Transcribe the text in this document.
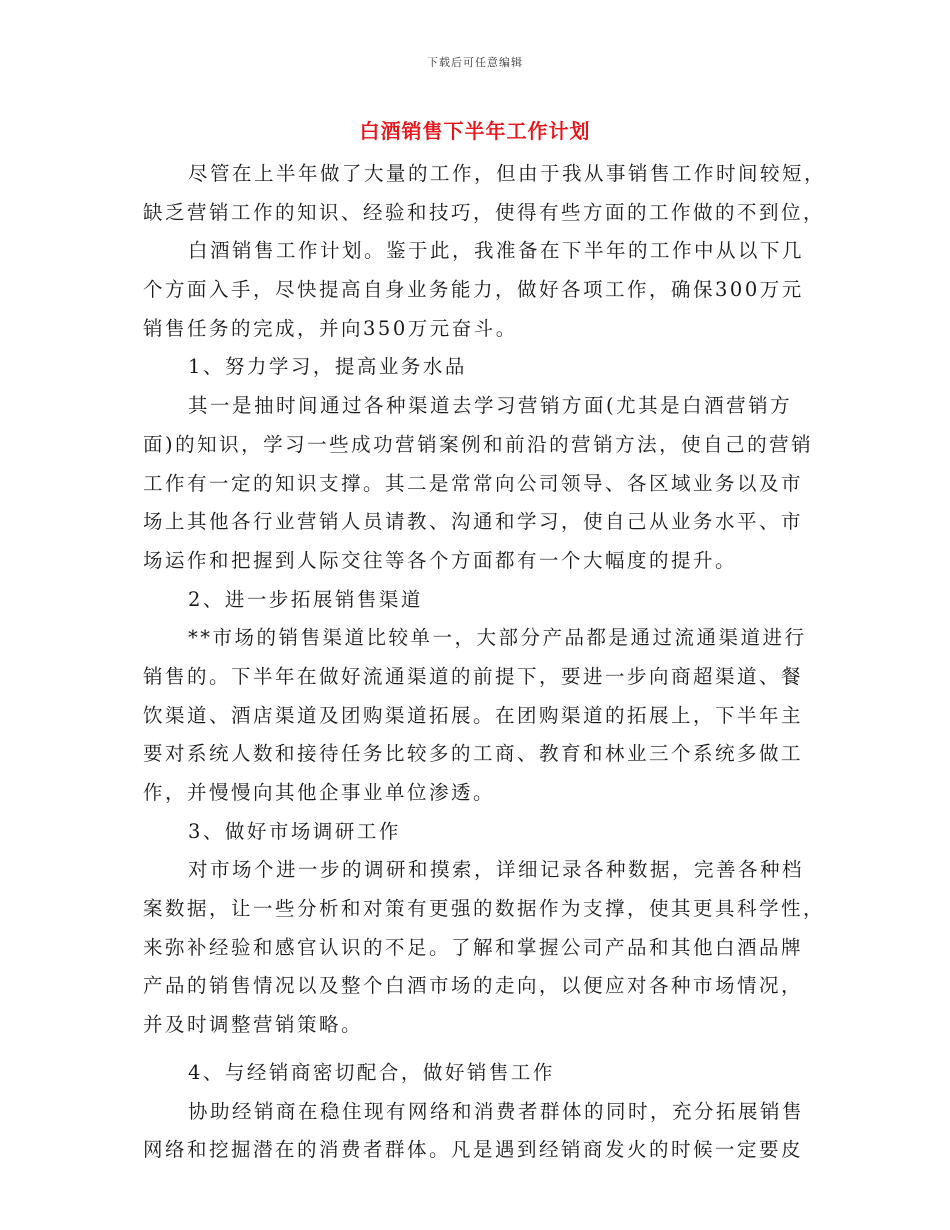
下载后可任意编辑
白酒销售下半年工作计划
尽管在上半年做了大量的工作，但由于我从事销售工作时间较短，
缺乏营销工作的知识、经验和技巧，使得有些方面的工作做的不到位，
白酒销售工作计划。鉴于此，我准备在下半年的工作中从以下几
个方面入手，尽快提高自身业务能力，做好各项工作，确保300万元
销售任务的完成，并向350万元奋斗。
1、努力学习，提高业务水品
其一是抽时间通过各种渠道去学习营销方面(尤其是白酒营销方
面)的知识，学习一些成功营销案例和前沿的营销方法，使自己的营销
工作有一定的知识支撑。其二是常常向公司领导、各区域业务以及市
场上其他各行业营销人员请教、沟通和学习，使自己从业务水平、市
场运作和把握到人际交往等各个方面都有一个大幅度的提升。
2、进一步拓展销售渠道
**市场的销售渠道比较单一，大部分产品都是通过流通渠道进行
销售的。下半年在做好流通渠道的前提下，要进一步向商超渠道、餐
饮渠道、酒店渠道及团购渠道拓展。在团购渠道的拓展上，下半年主
要对系统人数和接待任务比较多的工商、教育和林业三个系统多做工
作，并慢慢向其他企事业单位渗透。
3、做好市场调研工作
对市场个进一步的调研和摸索，详细记录各种数据，完善各种档
案数据，让一些分析和对策有更强的数据作为支撑，使其更具科学性，
来弥补经验和感官认识的不足。了解和掌握公司产品和其他白酒品牌
产品的销售情况以及整个白酒市场的走向，以便应对各种市场情况，
并及时调整营销策略。
4、与经销商密切配合，做好销售工作
协助经销商在稳住现有网络和消费者群体的同时，充分拓展销售
网络和挖掘潜在的消费者群体。凡是遇到经销商发火的时候一定要皮
